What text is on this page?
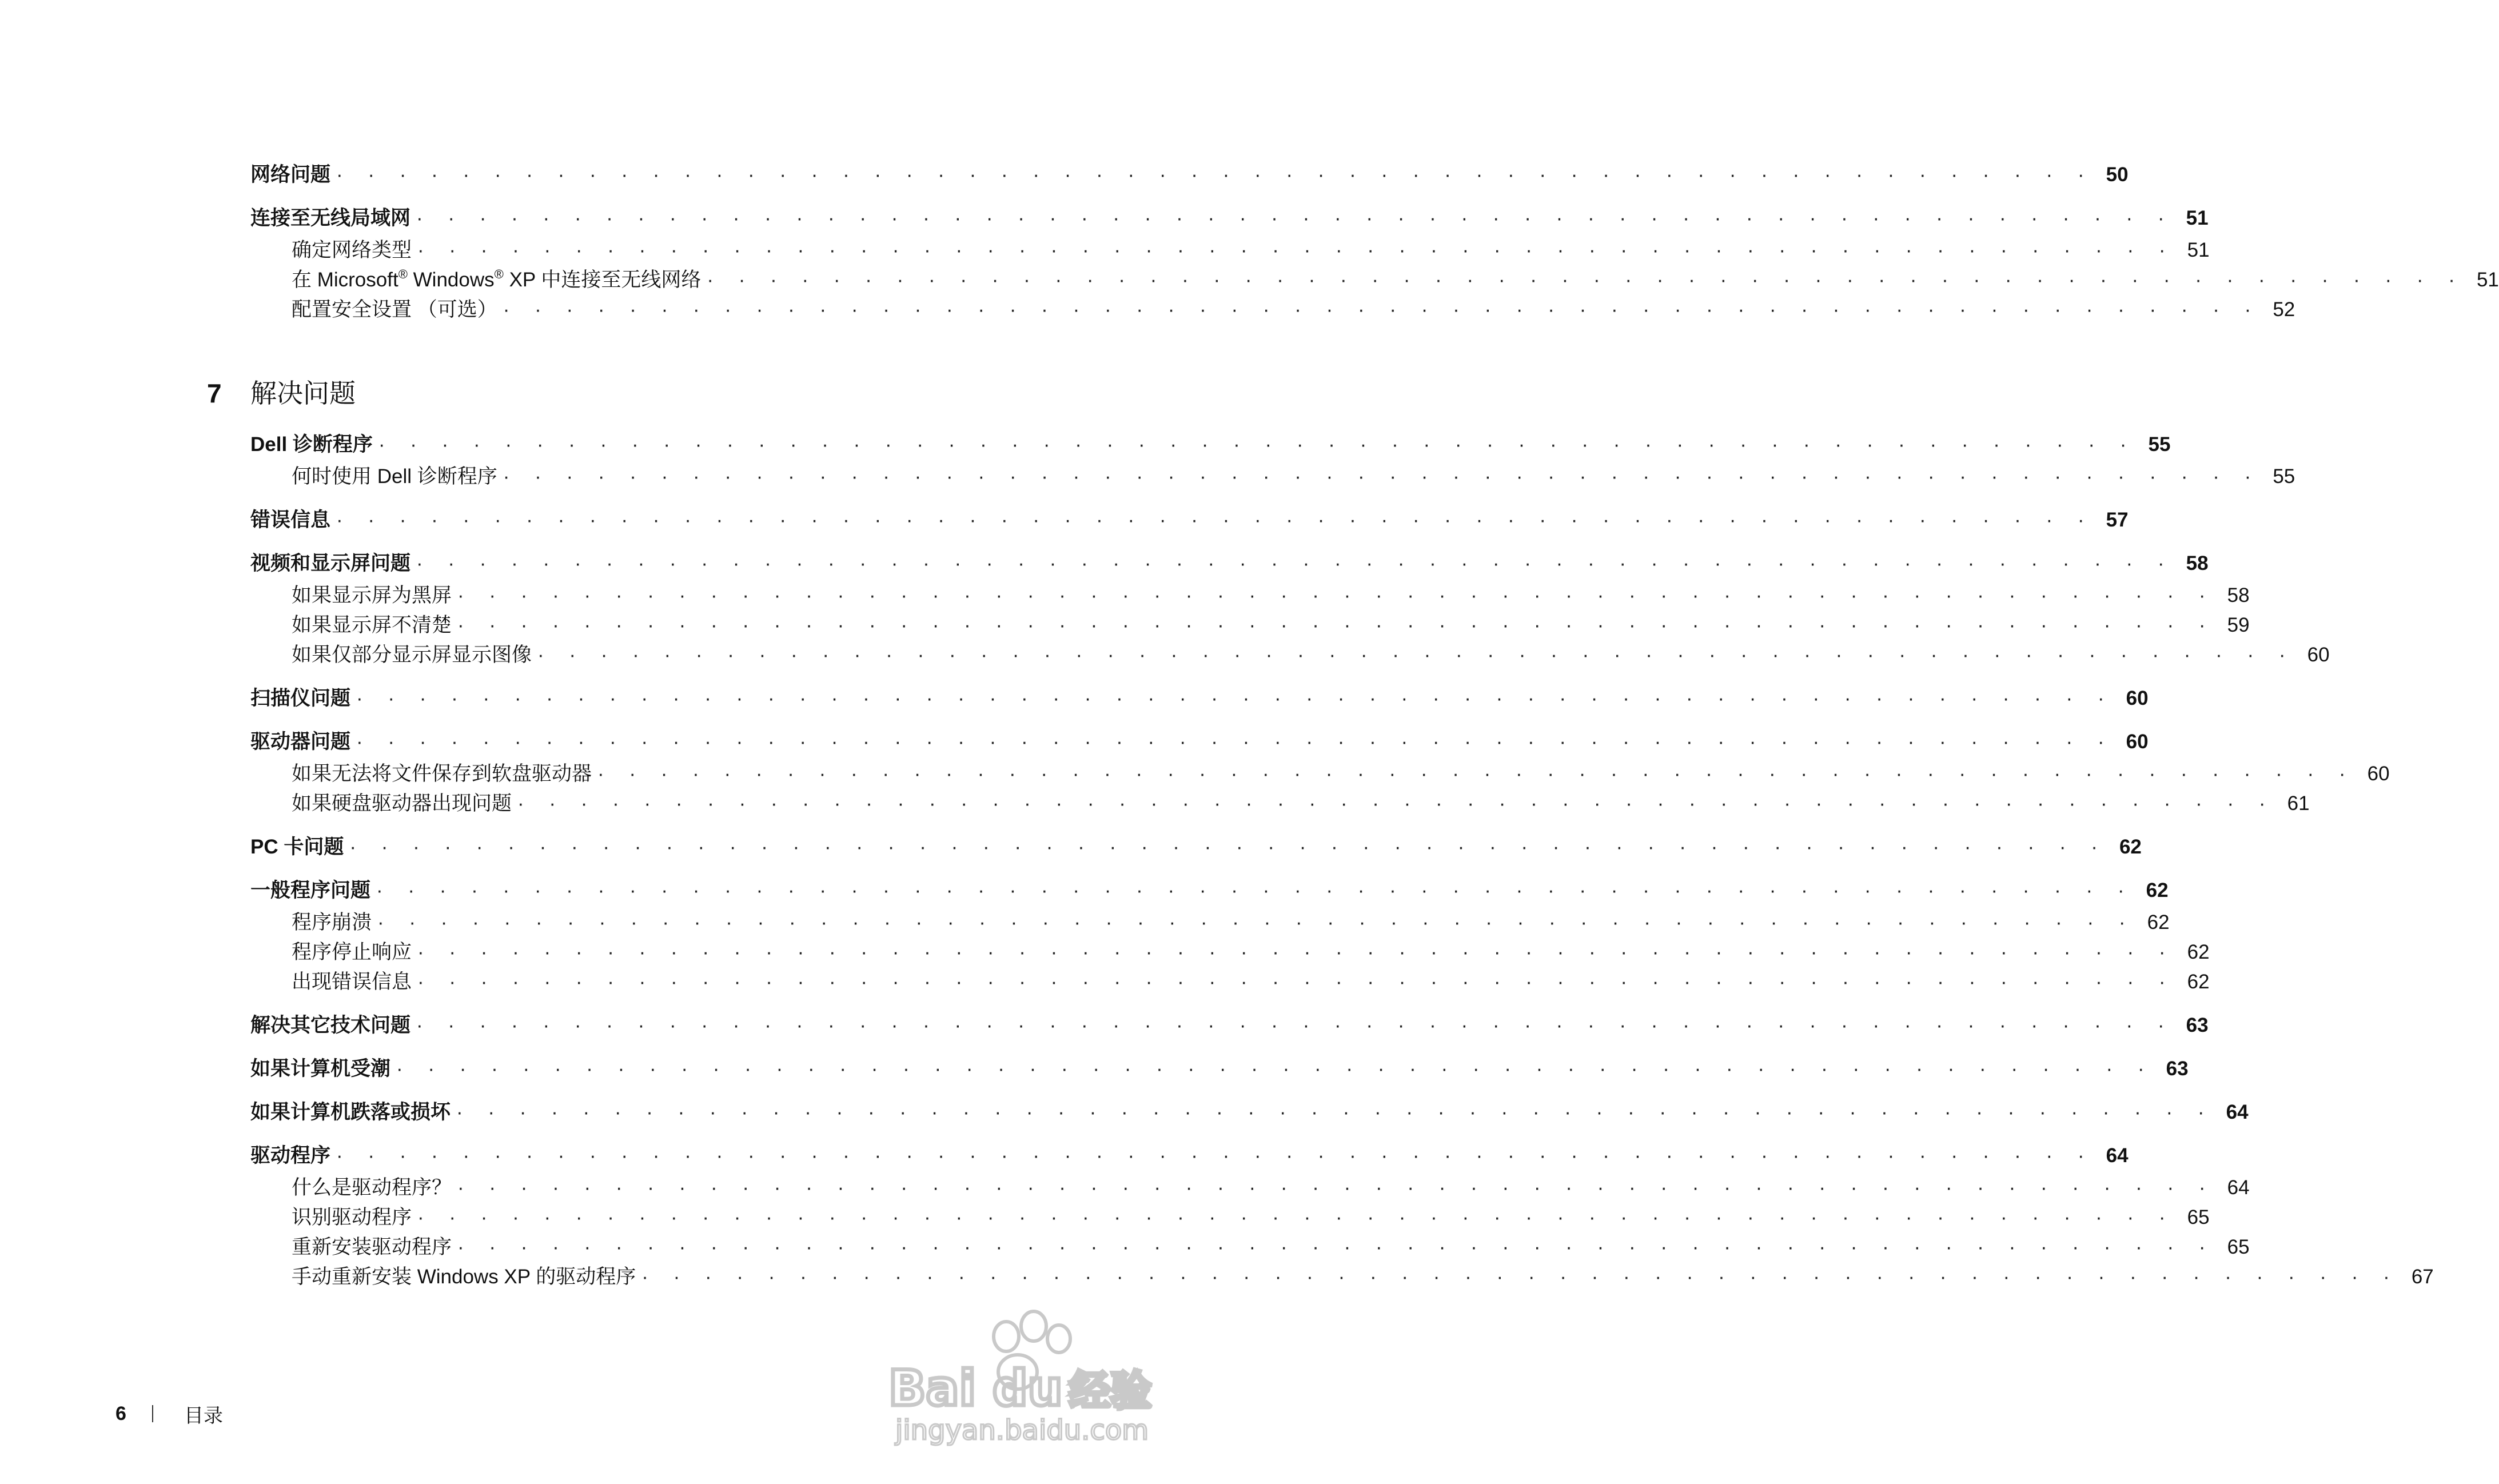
网络问题 · · · · · · · · · · · · · · · · · · · · · · · · · · · · · · · · · · · · · · · · · · · · · · · · · · · · · · · · 50
连接至无线局域网 · · · · · · · · · · · · · · · · · · · · · · · · · · · · · · · · · · · · · · · · · · · · · · · · · · · · · · · · 51
确定网络类型 · · · · · · · · · · · · · · · · · · · · · · · · · · · · · · · · · · · · · · · · · · · · · · · · · · · · · · · · 51
在 Microsoft® Windows® XP 中连接至无线网络 · · · · · · · · · · · · · · · · · · · · · · · · · · · · · · · · · · · · · · · · · · · · · · · · · · · · · · · · 51
配置安全设置 （可选） · · · · · · · · · · · · · · · · · · · · · · · · · · · · · · · · · · · · · · · · · · · · · · · · · · · · · · · · 52
7	解决问题
Dell 诊断程序 · · · · · · · · · · · · · · · · · · · · · · · · · · · · · · · · · · · · · · · · · · · · · · · · · · · · · · · · 55
何时使用 Dell 诊断程序 · · · · · · · · · · · · · · · · · · · · · · · · · · · · · · · · · · · · · · · · · · · · · · · · · · · · · · · · 55
错误信息 · · · · · · · · · · · · · · · · · · · · · · · · · · · · · · · · · · · · · · · · · · · · · · · · · · · · · · · · 57
视频和显示屏问题 · · · · · · · · · · · · · · · · · · · · · · · · · · · · · · · · · · · · · · · · · · · · · · · · · · · · · · · · 58
如果显示屏为黑屏 · · · · · · · · · · · · · · · · · · · · · · · · · · · · · · · · · · · · · · · · · · · · · · · · · · · · · · · · 58
如果显示屏不清楚 · · · · · · · · · · · · · · · · · · · · · · · · · · · · · · · · · · · · · · · · · · · · · · · · · · · · · · · · 59
如果仅部分显示屏显示图像 · · · · · · · · · · · · · · · · · · · · · · · · · · · · · · · · · · · · · · · · · · · · · · · · · · · · · · · · 60
扫描仪问题 · · · · · · · · · · · · · · · · · · · · · · · · · · · · · · · · · · · · · · · · · · · · · · · · · · · · · · · · 60
驱动器问题 · · · · · · · · · · · · · · · · · · · · · · · · · · · · · · · · · · · · · · · · · · · · · · · · · · · · · · · · 60
如果无法将文件保存到软盘驱动器 · · · · · · · · · · · · · · · · · · · · · · · · · · · · · · · · · · · · · · · · · · · · · · · · · · · · · · · · 60
如果硬盘驱动器出现问题 · · · · · · · · · · · · · · · · · · · · · · · · · · · · · · · · · · · · · · · · · · · · · · · · · · · · · · · · 61
PC 卡问题 · · · · · · · · · · · · · · · · · · · · · · · · · · · · · · · · · · · · · · · · · · · · · · · · · · · · · · · · 62
一般程序问题 · · · · · · · · · · · · · · · · · · · · · · · · · · · · · · · · · · · · · · · · · · · · · · · · · · · · · · · · 62
程序崩溃 · · · · · · · · · · · · · · · · · · · · · · · · · · · · · · · · · · · · · · · · · · · · · · · · · · · · · · · · 62
程序停止响应 · · · · · · · · · · · · · · · · · · · · · · · · · · · · · · · · · · · · · · · · · · · · · · · · · · · · · · · · 62
出现错误信息 · · · · · · · · · · · · · · · · · · · · · · · · · · · · · · · · · · · · · · · · · · · · · · · · · · · · · · · · 62
解决其它技术问题 · · · · · · · · · · · · · · · · · · · · · · · · · · · · · · · · · · · · · · · · · · · · · · · · · · · · · · · · 63
如果计算机受潮 · · · · · · · · · · · · · · · · · · · · · · · · · · · · · · · · · · · · · · · · · · · · · · · · · · · · · · · · 63
如果计算机跌落或损坏 · · · · · · · · · · · · · · · · · · · · · · · · · · · · · · · · · · · · · · · · · · · · · · · · · · · · · · · · 64
驱动程序 · · · · · · · · · · · · · · · · · · · · · · · · · · · · · · · · · · · · · · · · · · · · · · · · · · · · · · · · 64
什么是驱动程序？ · · · · · · · · · · · · · · · · · · · · · · · · · · · · · · · · · · · · · · · · · · · · · · · · · · · · · · · · 64
识别驱动程序 · · · · · · · · · · · · · · · · · · · · · · · · · · · · · · · · · · · · · · · · · · · · · · · · · · · · · · · · 65
重新安装驱动程序 · · · · · · · · · · · · · · · · · · · · · · · · · · · · · · · · · · · · · · · · · · · · · · · · · · · · · · · · 65
手动重新安装 Windows XP 的驱动程序 · · · · · · · · · · · · · · · · · · · · · · · · · · · · · · · · · · · · · · · · · · · · · · · · · · · · · · · · 67
6	目录	Bai du 经验
jingyan.baidu.com
